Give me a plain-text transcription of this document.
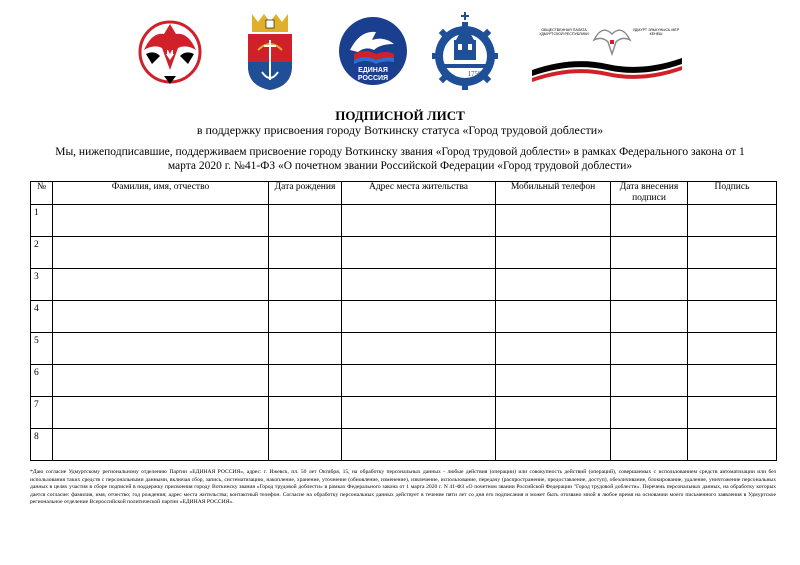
ЕДИНАЯ
РОССИЯ
1759г
ОБЩЕСТВЕННАЯ ПАЛАТА УДМУРТСКОЙ РЕСПУБЛИКИ
УДМУРТ ЭЛЬКУНЫСЬ МЕР КЕНЕШ
ПОДПИСНОЙ ЛИСТ
в поддержку присвоения городу Воткинску статуса «Город трудовой доблести»
Мы, нижеподписавшие, поддерживаем присвоение городу Воткинску звания «Город трудовой доблести» в рамках Федерального закона от 1 марта 2020 г. №41-ФЗ «О почетном звании Российской Федерации «Город трудовой доблести»
№	Фамилия, имя, отчество	Дата рождения	Адрес места жительства	Мобильный телефон	Дата внесения подписи	Подпись
1						
2						
3						
4						
5						
6						
7						
8						
*Даю согласие Удмуртскому региональному отделению Партии «ЕДИНАЯ РОССИЯ», адрес: г. Ижевск, пл. 50 лет Октября, 15, на обработку персональных данных - любые действия (операции) или совокупность действий (операций), совершаемых с использованием средств автоматизации или без использования таких средств с персональными данными, включая сбор, запись, систематизацию, накопление, хранение, уточнение (обновление, изменение), извлечение, использование, передачу (распространение, предоставление, доступ), обезличивание, блокирование, удаление, уничтожение персональных данных в целях участия в сборе подписей в поддержку присвоения городу Воткинску звания «Город трудовой доблести» в рамках Федерального закона от 1 марта 2020 г. N 41-ФЗ «О почетном звании Российской Федерации "Город трудовой доблести». Перечень персональных данных, на обработку которых дается согласие: фамилия, имя, отчество; год рождения; адрес места жительства; контактный телефон. Согласие на обработку персональных данных действует в течение пяти лет со дня его подписания и может быть отозвано мной в любое время на основании моего письменного заявления в Удмуртское региональное отделение Всероссийской политической партии «ЕДИНАЯ РОССИЯ».
